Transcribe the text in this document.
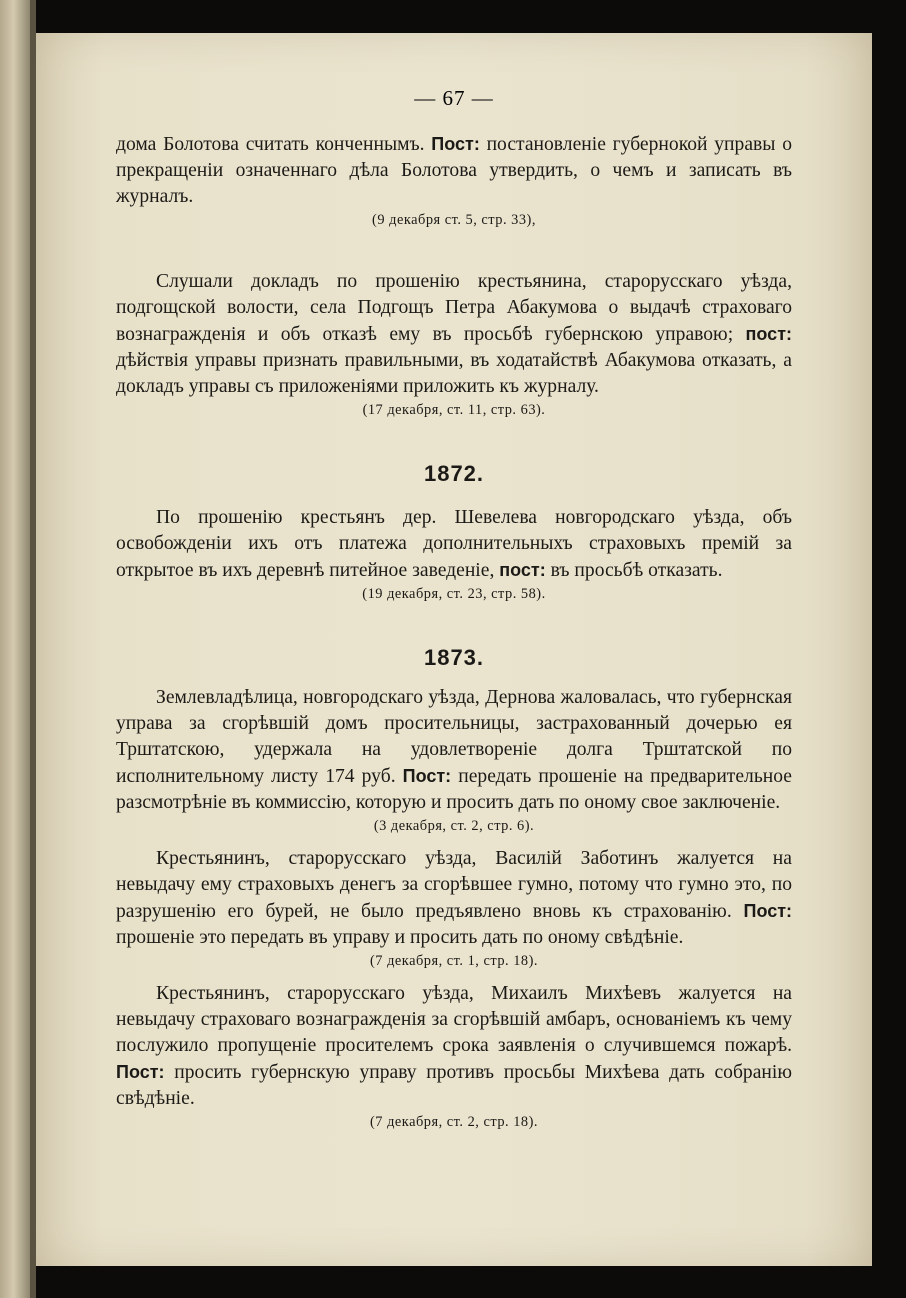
— 67 —

дома Болотова считать конченнымъ. Пост: постановленіе губернокой управы о прекращеніи означеннаго дѣла Болотова утвердить, о чемъ и записать въ журналъ.

(9 декабря ст. 5, стр. 33),

Слушали докладъ по прошенію крестьянина, старорусскаго уѣзда, подгощской волости, села Подгощъ Петра Абакумова о выдачѣ страховаго вознагражденія и объ отказѣ ему въ просьбѣ губернскою управою; пост: дѣйствія управы признать правильными, въ ходатайствѣ Абакумова отказать, а докладъ управы съ приложеніями приложить къ журналу.

(17 декабря, ст. 11, стр. 63).

1872.

По прошенію крестьянъ дер. Шевелева новгородскаго уѣзда, объ освобожденіи ихъ отъ платежа дополнительныхъ страховыхъ премій за открытое въ ихъ деревнѣ питейное заведеніе, пост: въ просьбѣ отказать.

(19 декабря, ст. 23, стр. 58).

1873.

Землевладѣлица, новгородскаго уѣзда, Дернова жаловалась, что губернская управа за сгорѣвшій домъ просительницы, застрахованный дочерью ея Трштатскою, удержала на удовлетвореніе долга Трштатской по исполнительному листу 174 руб. Пост: передать прошеніе на предварительное разсмотрѣніе въ коммиссію, которую и просить дать по оному свое заключеніе.

(3 декабря, ст. 2, стр. 6).

Крестьянинъ, старорусскаго уѣзда, Василій Заботинъ жалуется на невыдачу ему страховыхъ денегъ за сгорѣвшее гумно, потому что гумно это, по разрушенію его бурей, не было предъявлено вновь къ страхованію. Пост: прошеніе это передать въ управу и просить дать по оному свѣдѣніе.

(7 декабря, ст. 1, стр. 18).

Крестьянинъ, старорусскаго уѣзда, Михаилъ Михѣевъ жалуется на невыдачу страховаго вознагражденія за сгорѣвшій амбаръ, основаніемъ къ чему послужило пропущеніе просителемъ срока заявленія о случившемся пожарѣ. Пост: просить губернскую управу противъ просьбы Михѣева дать собранію свѣдѣніе.

(7 декабря, ст. 2, стр. 18).
